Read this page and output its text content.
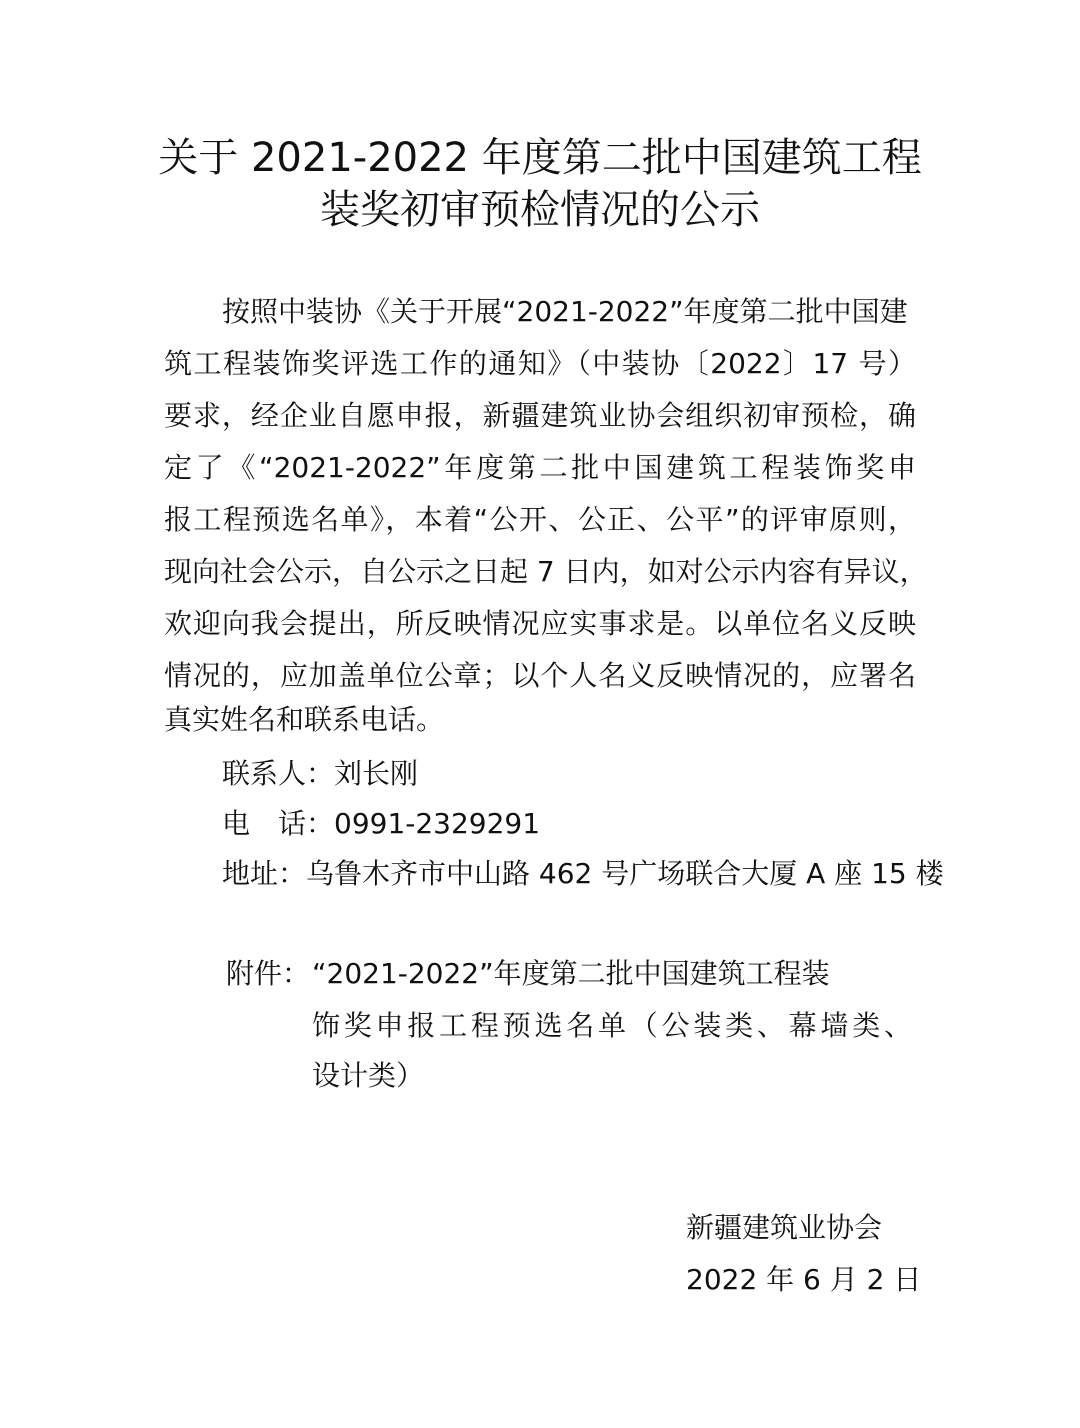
关于 2021-2022 年度第二批中国建筑工程
装奖初审预检情况的公示
按照中装协《关于开展“2021-2022”年度第二批中国建
筑工程装饰奖评选工作的通知》（中装协〔2022〕17 号）
要求，经企业自愿申报，新疆建筑业协会组织初审预检，确
定了《“2021-2022”年度第二批中国建筑工程装饰奖申
报工程预选名单》，本着“公开、公正、公平”的评审原则，
现向社会公示，自公示之日起 7 日内，如对公示内容有异议，
欢迎向我会提出，所反映情况应实事求是。以单位名义反映
情况的，应加盖单位公章；以个人名义反映情况的，应署名
真实姓名和联系电话。
联系人：刘长刚
电　话：0991-2329291
地址：乌鲁木齐市中山路 462 号广场联合大厦 A 座 15 楼
附件： “2021-2022”年度第二批中国建筑工程装
饰奖申报工程预选名单（公装类、幕墙类、
设计类）
新疆建筑业协会
2022 年 6 月 2 日
